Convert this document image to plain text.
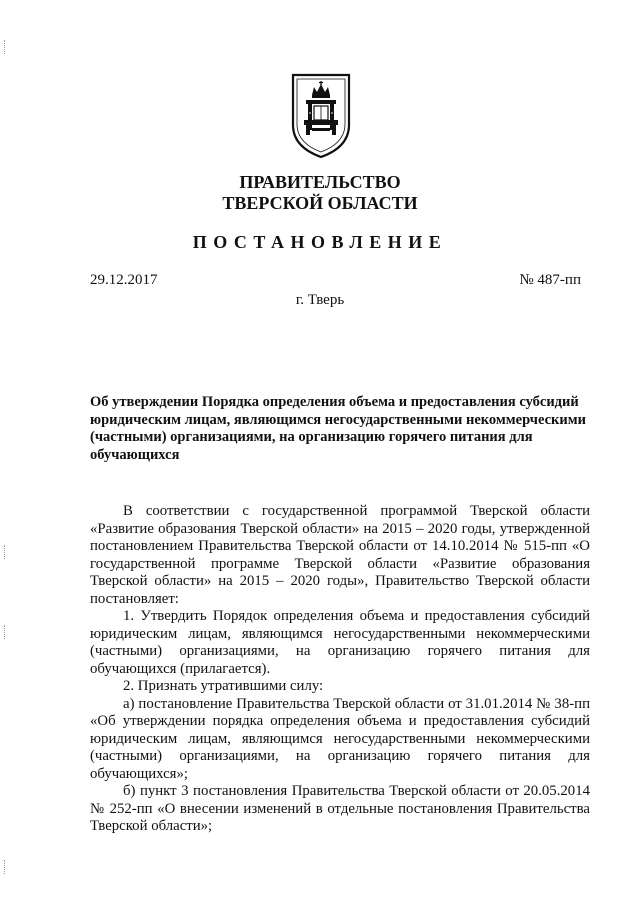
ПРАВИТЕЛЬСТВО
ТВЕРСКОЙ ОБЛАСТИ
ПОСТАНОВЛЕНИЕ
29.12.2017	№ 487-пп
г. Тверь
Об утверждении Порядка определения объема и предоставления субсидий юридическим лицам, являющимся негосударственными некоммерческими (частными) организациями, на организацию горячего питания для обучающихся

В соответствии с государственной программой Тверской области «Развитие образования Тверской области» на 2015 – 2020 годы, утвержденной постановлением Правительства Тверской области от 14.10.2014 № 515-пп «О государственной программе Тверской области «Развитие образования Тверской области» на 2015 – 2020 годы», Правительство Тверской области постановляет:

1. Утвердить Порядок определения объема и предоставления субсидий юридическим лицам, являющимся негосударственными некоммерческими (частными) организациями, на организацию горячего питания для обучающихся (прилагается).

2. Признать утратившими силу:

а) постановление Правительства Тверской области от 31.01.2014 № 38-пп «Об утверждении порядка определения объема и предоставления субсидий юридическим лицам, являющимся негосударственными некоммерческими (частными) организациями, на организацию горячего питания для обучающихся»;

б) пункт 3 постановления Правительства Тверской области от 20.05.2014 № 252-пп «О внесении изменений в отдельные постановления Правительства Тверской области»;
